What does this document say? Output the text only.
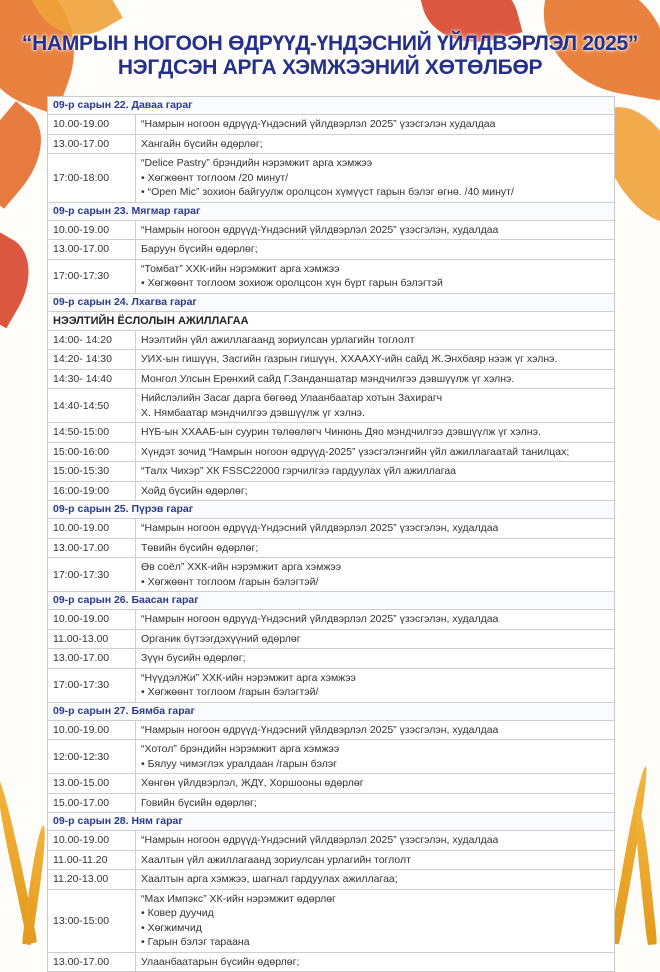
“НАМРЫН НОГООН ӨДРҮҮД-ҮНДЭСНИЙ ҮЙЛДВЭРЛЭЛ 2025”
НЭГДСЭН АРГА ХЭМЖЭЭНИЙ ХӨТӨЛБӨР
09-р сарын 22. Даваа гараг
10.00-19.00	“Намрын ногоон өдрүүд-Үндэсний үйлдвэрлэл 2025” үзэсгэлэн худалдаа
13.00-17.00	Хангайн бүсийн өдөрлөг;
17:00-18:00
“Delice Pastry” брэндийн нэрэмжит арга хэмжээ
• Хөгжөөнт тоглоом /20 минут/
• “Open Mic” зохион байгуулж оролцсон хүмүүст гарын бэлэг өгнө. /40 минут/
09-р сарын 23. Мягмар гараг
10.00-19.00	“Намрын ногоон өдрүүд-Үндэсний үйлдвэрлэл 2025” үзэсгэлэн, худалдаа
13.00-17.00	Баруун бүсийн өдөрлөг;
17:00-17:30
“Томбат” ХХК-ийн нэрэмжит арга хэмжээ
• Хөгжөөнт тоглоом зохиож оролцсон хүн бүрт гарын бэлэгтэй
09-р сарын 24. Лхагва гараг
НЭЭЛТИЙН ЁСЛОЛЫН АЖИЛЛАГАА
14:00- 14:20	Нээлтийн үйл ажиллагаанд зориулсан урлагийн тоглолт
14:20- 14:30	УИХ-ын гишүүн, Засгийн газрын гишүүн, ХХААХҮ-ийн сайд Ж.Энхбаяр нээж үг хэлнэ.
14:30- 14:40	Монгол Улсын Ерөнхий сайд Г.Занданшатар мэндчилгээ дэвшүүлж үг хэлнэ.
14:40-14:50
Нийслэлийн Засаг дарга бөгөөд Улаанбаатар хотын Захирагч
Х. Нямбаатар мэндчилгээ дэвшүүлж үг хэлнэ.
14:50-15:00	НҮБ-ын ХХААБ-ын суурин төлөөлөгч Чинюнь Дяо мэндчилгээ дэвшүүлж үг хэлнэ.
15:00-16:00	Хүндэт зочид “Намрын ногоон өдрүүд-2025” үзэсгэлэнгийн үйл ажиллагаатай танилцах;
15:00-15:30	“Талх Чихэр” ХК FSSC22000 гэрчилгээ гардуулах үйл ажиллагаа
16:00-19:00	Хойд бүсийн өдөрлөг;
09-р сарын 25. Пүрэв гараг
10.00-19.00	“Намрын ногоон өдрүүд-Үндэсний үйлдвэрлэл 2025” үзэсгэлэн, худалдаа
13.00-17.00	Төвийн бүсийн өдөрлөг;
17:00-17:30
Өв соёл” ХХК-ийн нэрэмжит арга хэмжээ
• Хөгжөөнт тоглоом /гарын бэлэгтэй/
09-р сарын 26. Баасан гараг
10.00-19.00	“Намрын ногоон өдрүүд-Үндэсний үйлдвэрлэл 2025” үзэсгэлэн, худалдаа
11.00-13.00	Органик бүтээгдэхүүний өдөрлөг
13.00-17.00	Зүүн бүсийн өдөрлөг;
17:00-17:30
“НүүдэлЖи” ХХК-ийн нэрэмжит арга хэмжээ
• Хөгжөөнт тоглоом /гарын бэлэгтэй/
09-р сарын 27. Бямба гараг
10.00-19.00	“Намрын ногоон өдрүүд-Үндэсний үйлдвэрлэл 2025” үзэсгэлэн, худалдаа
12:00-12:30
“Хотол” брэндийн нэрэмжит арга хэмжээ
• Бялуу чимэглэх уралдаан /гарын бэлэг
13.00-15.00	Хөнгөн үйлдвэрлэл, ЖДҮ, Хоршооны өдөрлөг
15.00-17.00	Говийн бүсийн өдөрлөг;
09-р сарын 28. Ням гараг
10.00-19.00	“Намрын ногоон өдрүүд-Үндэсний үйлдвэрлэл 2025” үзэсгэлэн, худалдаа
11.00-11.20	Хаалтын үйл ажиллагаанд зориулсан урлагийн тоглолт
11.20-13.00	Хаалтын арга хэмжээ, шагнал гардуулах ажиллагаа;
13:00-15:00
“Мах Импэкс” ХК-ийн нэрэмжит өдөрлөг
• Ковер дуучид
• Хөгжимчид
• Гарын бэлэг тараана
13.00-17.00	Улаанбаатарын бүсийн өдөрлөг;
